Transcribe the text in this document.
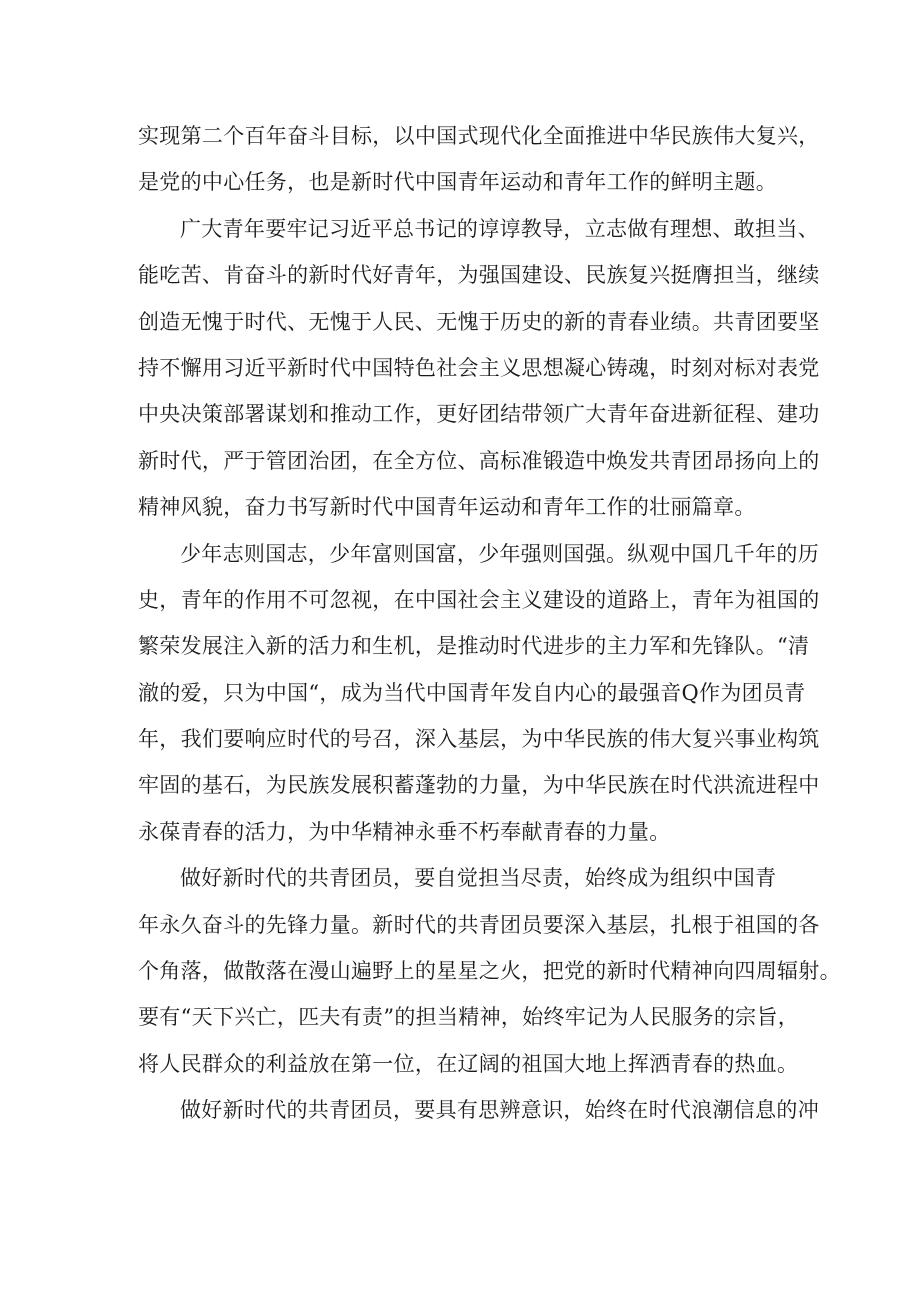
实现第二个百年奋斗目标，以中国式现代化全面推进中华民族伟大复兴，

是党的中心任务，也是新时代中国青年运动和青年工作的鲜明主题。

广大青年要牢记习近平总书记的谆谆教导，立志做有理想、敢担当、

能吃苦、肯奋斗的新时代好青年，为强国建设、民族复兴挺膺担当，继续

创造无愧于时代、无愧于人民、无愧于历史的新的青春业绩。共青团要坚

持不懈用习近平新时代中国特色社会主义思想凝心铸魂，时刻对标对表党

中央决策部署谋划和推动工作，更好团结带领广大青年奋进新征程、建功

新时代，严于管团治团，在全方位、高标准锻造中焕发共青团昂扬向上的

精神风貌，奋力书写新时代中国青年运动和青年工作的壮丽篇章。

少年志则国志，少年富则国富，少年强则国强。纵观中国几千年的历

史，青年的作用不可忽视，在中国社会主义建设的道路上，青年为祖国的

繁荣发展注入新的活力和生机，是推动时代进步的主力军和先锋队。“清

澈的爱，只为中国“，成为当代中国青年发自内心的最强音Q作为团员青

年，我们要响应时代的号召，深入基层，为中华民族的伟大复兴事业构筑

牢固的基石，为民族发展积蓄蓬勃的力量，为中华民族在时代洪流进程中

永葆青春的活力，为中华精神永垂不朽奉献青春的力量。

做好新时代的共青团员，要自觉担当尽责，始终成为组织中国青

年永久奋斗的先锋力量。新时代的共青团员要深入基层，扎根于祖国的各

个角落，做散落在漫山遍野上的星星之火，把党的新时代精神向四周辐射。

要有“天下兴亡，匹夫有责”的担当精神，始终牢记为人民服务的宗旨，

将人民群众的利益放在第一位，在辽阔的祖国大地上挥洒青春的热血。

做好新时代的共青团员，要具有思辨意识，始终在时代浪潮信息的冲
